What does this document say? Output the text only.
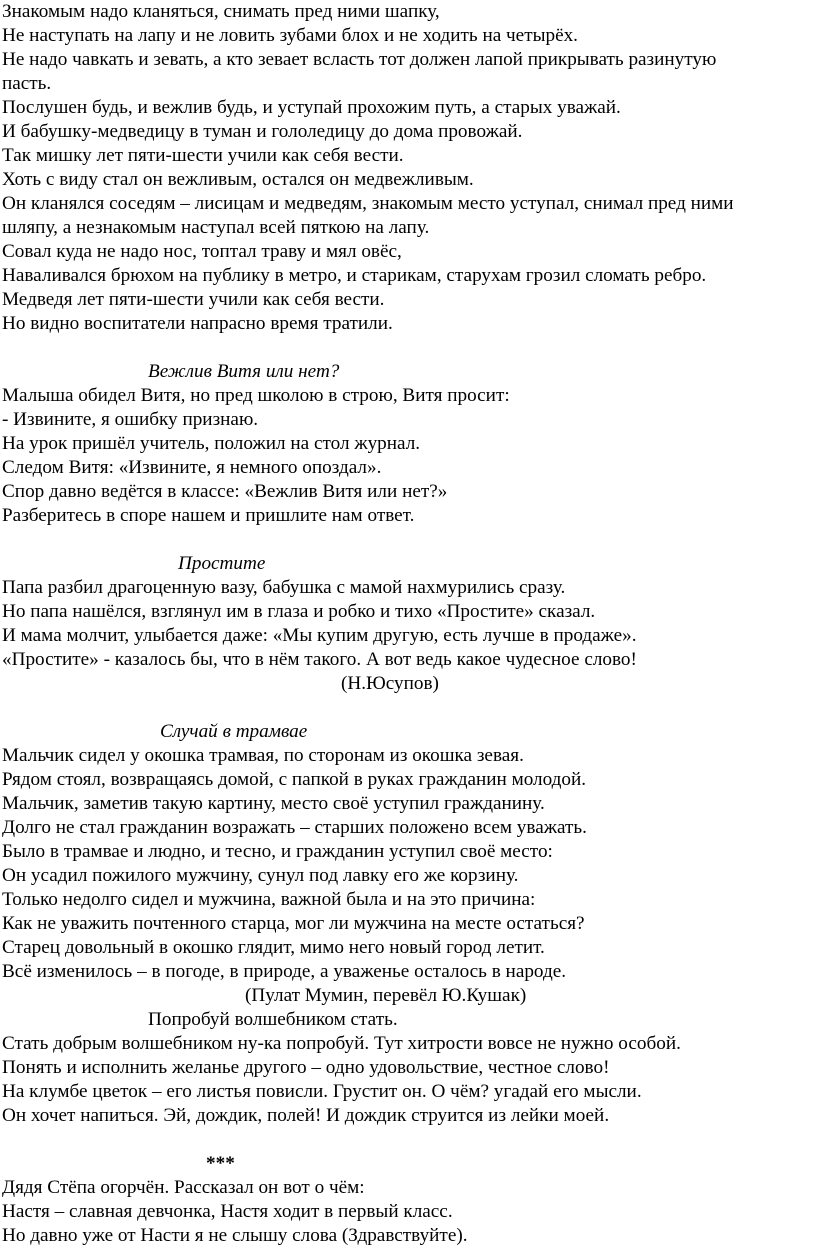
Знакомым надо кланяться, снимать пред ними шапку,
Не наступать на лапу и не ловить зубами блох и не ходить на четырёх.
Не надо чавкать и зевать, а кто зевает всласть тот должен лапой прикрывать разинутую
пасть.
Послушен будь, и вежлив будь, и уступай прохожим путь, а старых уважай.
И бабушку-медведицу в туман и гололедицу до дома провожай.
Так мишку лет пяти-шести учили как себя вести.
Хоть с виду стал он вежливым, остался он медвежливым.
Он кланялся соседям – лисицам и медведям, знакомым место уступал, снимал пред ними
шляпу, а незнакомым наступал всей пяткою на лапу.
Совал куда не надо нос, топтал траву и мял овёс,
Наваливался брюхом на публику в метро, и старикам, старухам грозил сломать ребро.
Медведя лет пяти-шести учили как себя вести.
Но видно воспитатели напрасно время тратили.
Вежлив Витя или нет?
Малыша обидел Витя, но пред школою в строю, Витя просит:
- Извините, я ошибку признаю.
На урок пришёл учитель, положил на стол журнал.
Следом Витя: «Извините, я немного опоздал».
Спор давно ведётся в классе: «Вежлив Витя или нет?»
Разберитесь в споре нашем и пришлите нам ответ.
Простите
Папа разбил драгоценную вазу, бабушка с мамой нахмурились сразу.
Но папа нашёлся, взглянул им в глаза и робко и тихо «Простите» сказал.
И мама молчит, улыбается даже: «Мы купим другую, есть лучше в продаже».
«Простите» - казалось бы, что в нём такого. А вот ведь какое чудесное слово!
(Н.Юсупов)
Случай в трамвае
Мальчик сидел у окошка трамвая, по сторонам из окошка зевая.
Рядом стоял, возвращаясь домой, с папкой в руках гражданин молодой.
Мальчик, заметив такую картину, место своё уступил гражданину.
Долго не стал гражданин возражать – старших положено всем уважать.
Было в трамвае и людно, и тесно, и гражданин уступил своё место:
Он усадил пожилого мужчину, сунул под лавку его же корзину.
Только недолго сидел и мужчина, важной была и на это причина:
Как не уважить почтенного старца, мог ли мужчина на месте остаться?
Старец довольный в окошко глядит, мимо него новый город летит.
Всё изменилось – в погоде, в природе, а уваженье осталось в народе.
(Пулат Мумин, перевёл Ю.Кушак)
Попробуй волшебником стать.
Стать добрым волшебником ну-ка попробуй. Тут хитрости вовсе не нужно особой.
Понять и исполнить желанье другого – одно удовольствие, честное слово!
На клумбе цветок – его листья повисли. Грустит он. О чём? угадай его мысли.
Он хочет напиться. Эй, дождик, полей! И дождик струится из лейки моей.
***
Дядя Стёпа огорчён. Рассказал он вот о чём:
Настя – славная девчонка, Настя ходит в первый класс.
Но давно уже от Насти я не слышу слова (Здравствуйте).
